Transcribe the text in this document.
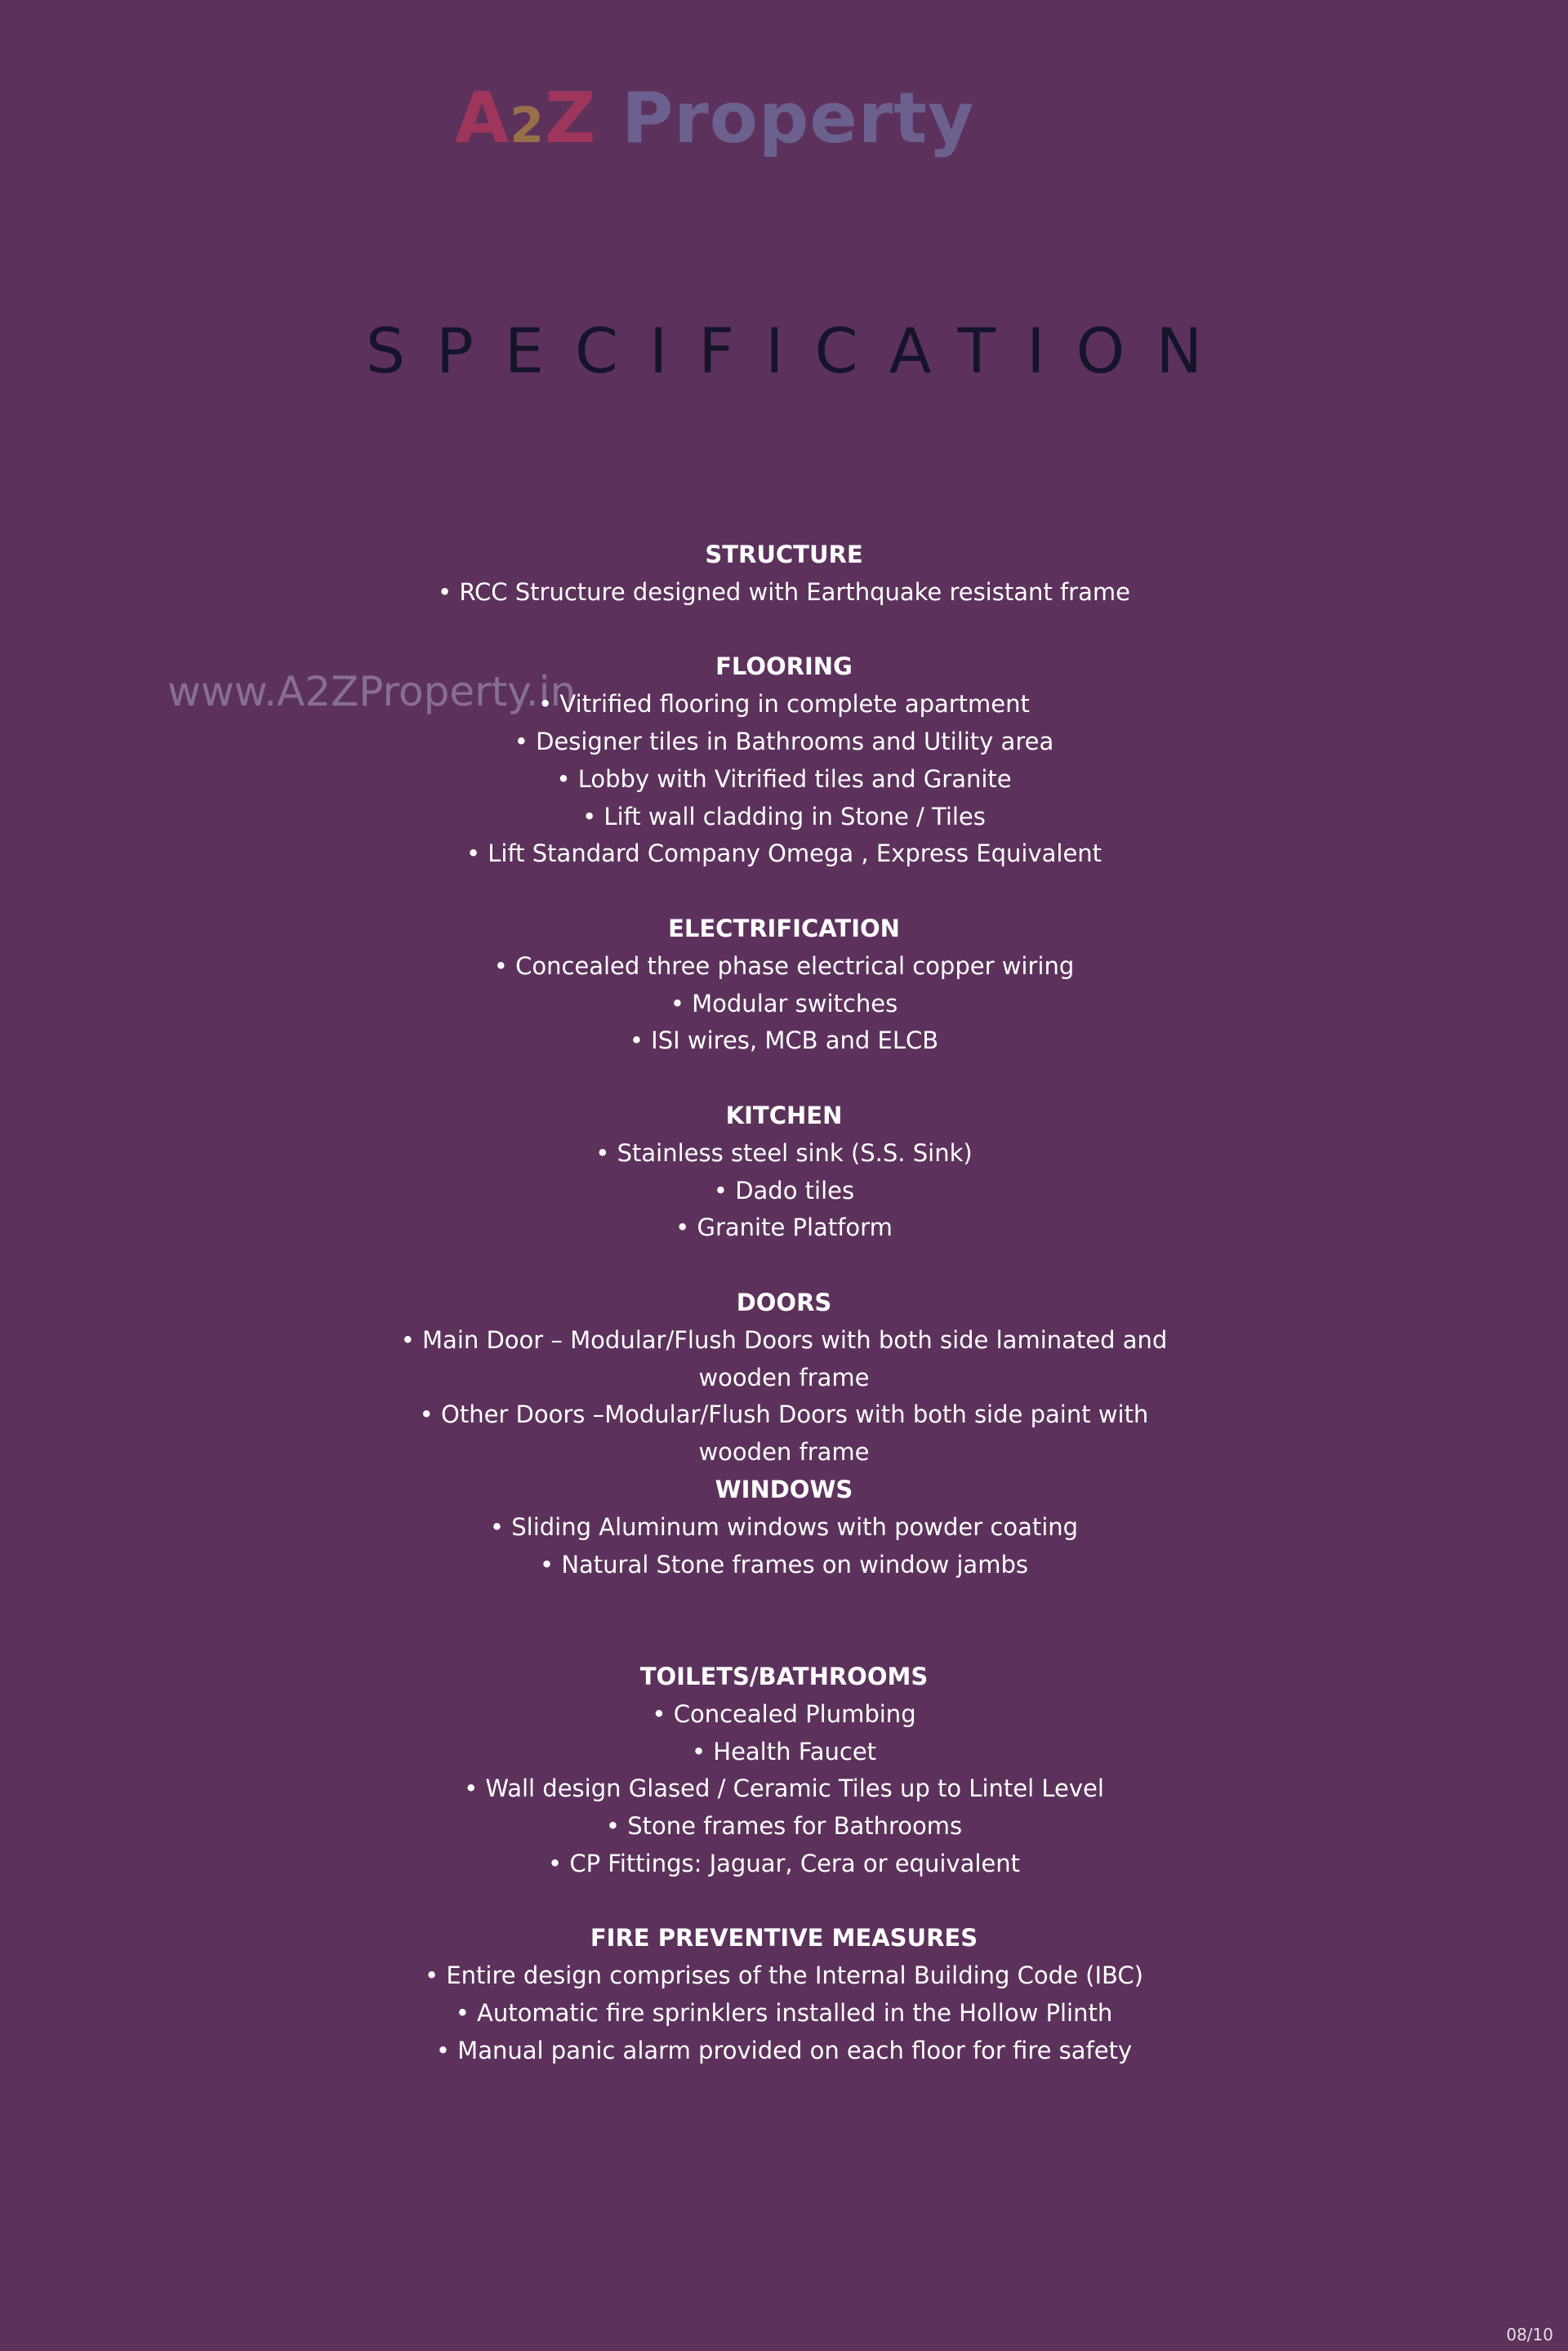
A2Z Property
SPECIFICATION
www.A2ZProperty.in
STRUCTURE
• RCC Structure designed with Earthquake resistant frame
FLOORING
• Vitrified flooring in complete apartment
• Designer tiles in Bathrooms and Utility area
• Lobby with Vitrified tiles and Granite
• Lift wall cladding in Stone / Tiles
• Lift Standard Company Omega , Express Equivalent
ELECTRIFICATION
• Concealed three phase electrical copper wiring
• Modular switches
• ISI wires, MCB and ELCB
KITCHEN
• Stainless steel sink (S.S. Sink)
• Dado tiles
• Granite Platform
DOORS
• Main Door – Modular/Flush Doors with both side laminated and wooden frame
• Other Doors –Modular/Flush Doors with both side paint with wooden frame
WINDOWS
• Sliding Aluminum windows with powder coating
• Natural Stone frames on window jambs
TOILETS/BATHROOMS
• Concealed Plumbing
• Health Faucet
• Wall design Glased / Ceramic Tiles up to Lintel Level
• Stone frames for Bathrooms
• CP Fittings: Jaguar, Cera or equivalent
FIRE PREVENTIVE MEASURES
• Entire design comprises of the Internal Building Code (IBC)
• Automatic fire sprinklers installed in the Hollow Plinth
• Manual panic alarm provided on each floor for fire safety
08/10
